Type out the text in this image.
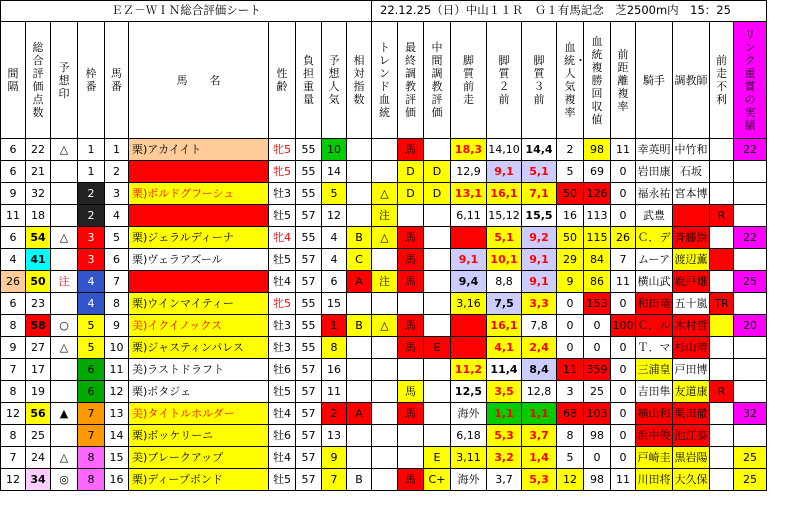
ＥＺ－ＷＩＮ総合評価シート										22.12.25（日）中山１１Ｒ　Ｇ１有馬記念　芝2500m内　15：25												
間隔	総合評価点数	予想印	枠番	馬番	馬　　名	性齢	負担重量	予想人気	相対指数	トレンド血統	最終調教評価	中間調教評価	脚質前走	脚質２前	脚質３前	血統・人気複率	血統複勝回収値	前距離複率	騎手	調教師	前走不利	リンク重賞の実績
6	22	△	1	1	栗)アカイイト	牝5	55	10			馬		18,3	14,10	14,4	2	98	11	幸英明	中竹和		22
6	21		1	2	栗)イズジョーノキセキ	牝5	55	14			D	D	12,9	9,1	5,1	5	69	0	岩田康	石坂		
9	32		2	3	栗)ボルドグフーシュ	牡3	55	5		△	D	D	13,1	16,1	7,1	50	126	0	福永祐	宮本博		
11	18		2	4	栗)アリストテレス	牡5	57	12		注			6,11	15,12	15,5	16	113	0	武豊	音無秀	R	
6	54	△	3	5	栗)ジェラルディーナ	牝4	55	4	B	△	馬		12,1	5,1	9,2	50	115	26	Ｃ．デ	斉藤崇		22
4	41		3	6	栗)ヴェラアズール	牡5	57	4	C		馬		9,1	10,1	9,1	29	84	7	ムーア	渡辺薫		
26	50	注	4	7	栗)エフフォーリア	牡4	57	6	A	注	馬		9,4	8,8	9,1	9	86	11	横山武	鹿戸雄		25
6	23		4	8	栗)ウインマイティー	牝5	55	15					3,16	7,5	3,3	0	153	0	和田竜	五十嵐	TR	
8	58	○	5	9	美)イクイノックス	牡3	55	1	B	△	馬		10,1	16,1	7,8	0	0	100	Ｃ．ル	木村哲		20
9	27	△	5	10	栗)ジャスティンパレス	牡3	55	8			馬	E	6,2	4,1	2,4	0	0	0	Ｔ．マ	杉山晴		
7	17		6	11	美)ラストドラフト	牡6	57	16					11,2	11,4	8,4	11	359	0	三浦皇	戸田博		
8	19		6	12	栗)ポタジェ	牡5	57	11			馬		12,5	3,5	12,8	3	25	0	吉田隼	友道康	R	
12	56	▲	7	13	美)タイトルホルダー	牡4	57	2	A		馬		海外	1,1	1,1	68	103	0	横山和	栗田徹		32
8	25		7	14	栗)ボッケリーニ	牡6	57	13					6,18	5,3	3,7	8	98	0	浜中俊	池江泰		
7	24	△	8	15	美)ブレークアップ	牡4	57	9				E	3,11	3,2	1,4	5	0	0	戸崎圭	黒岩陽		25
12	34	◎	8	16	栗)ディープボンド	牡5	57	7	B		馬	C+	海外	3,7	5,3	12	98	11	川田将	大久保		25
